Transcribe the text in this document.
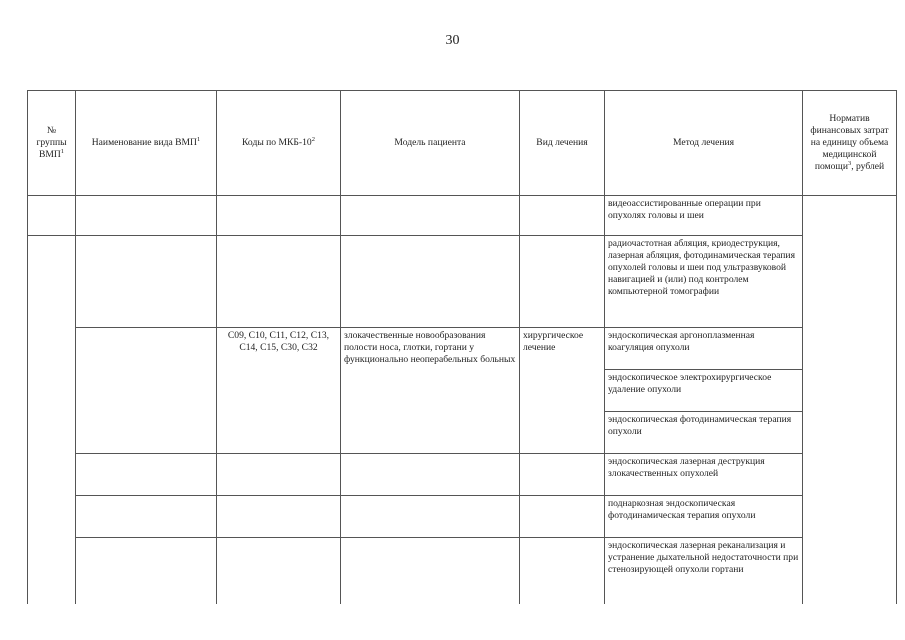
30
№ группы ВМП$^1$	Наименование вида ВМП$^1$	Коды по МКБ-$10^2$	Модель пациента	Вид лечения	Метод лечения	Норматив финансовых затрат на единицу объема медицинской помощи$^3$, рублей
					видеоассистированные операции при опухолях головы и шеи	
					радиочастотная абляция, криодеструкция, лазерная абляция, фотодинамическая терапия опухолей головы и шеи под ультразвуковой навигацией и (или) под контролем компьютерной томографии	
		C09, C10, C11, C12, C13, C14, C15, C30, C32	злокачественные новообразования полости носа, глотки, гортани у функционально неоперабельных больных	хирургическое лечение	эндоскопическая аргоноплазменная коагуляция опухоли	
					эндоскопическое электрохирургическое удаление опухоли	
					эндоскопическая фотодинамическая терапия опухоли	
					эндоскопическая лазерная деструкция злокачественных опухолей	
					поднаркозная эндоскопическая фотодинамическая терапия опухоли	
					эндоскопическая лазерная реканализация и устранение дыхательной недостаточности при стенозирующей опухоли гортани	
